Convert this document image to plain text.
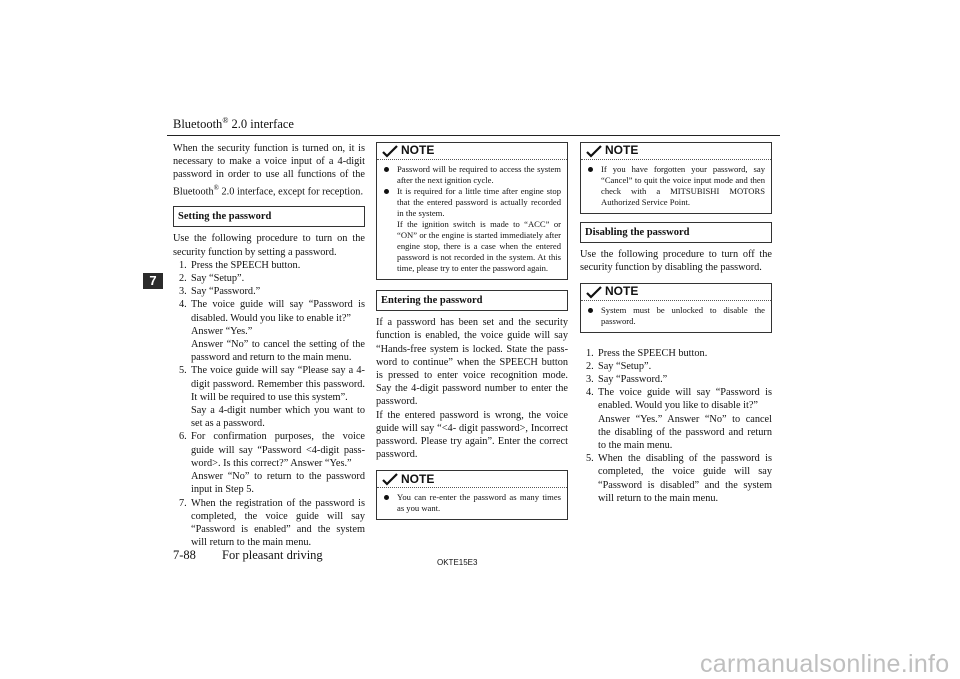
Bluetooth® 2.0 interface
7

When the security function is turned on, it is necessary to make a voice input of a 4-digit password in order to use all functions of the Bluetooth® 2.0 interface, except for reception.

Setting the password

Use the following procedure to turn on the security function by setting a password.

1. Press the SPEECH button.
2. Say “Setup”.
3. Say “Password.”
4. The voice guide will say “Password is disabled. Would you like to enable it?”
Answer “Yes.”
Answer “No” to cancel the setting of the password and return to the main menu.
5. The voice guide will say “Please say a 4-digit password. Remember this password. It will be required to use this system”.
Say a 4-digit number which you want to set as a password.
6. For confirmation purposes, the voice guide will say “Password <4-digit password>. Is this correct?” Answer “Yes.”
Answer “No” to return to the password input in Step 5.
7. When the registration of the password is completed, the voice guide will say “Password is enabled” and the system will return to the main menu.
NOTE
Password will be required to access the system after the next ignition cycle.
It is required for a little time after engine stop that the entered password is actually recorded in the system.
If the ignition switch is made to “ACC” or “ON” or the engine is started immediately after engine stop, there is a case when the entered password is not recorded in the system. At this time, please try to enter the password again.
Entering the password

If a password has been set and the security function is enabled, the voice guide will say “Hands-free system is locked. State the password to continue” when the SPEECH button is pressed to enter voice recognition mode. Say the 4-digit password number to enter the password.

If the entered password is wrong, the voice guide will say “<4- digit password>, Incorrect password. Please try again”. Enter the correct password.

NOTE
You can re-enter the password as many times as you want.
NOTE
If you have forgotten your password, say “Cancel” to quit the voice input mode and then check with a MITSUBISHI MOTORS Authorized Service Point.
Disabling the password

Use the following procedure to turn off the security function by disabling the password.

NOTE
System must be unlocked to disable the password.
1. Press the SPEECH button.
2. Say “Setup”.
3. Say “Password.”
4. The voice guide will say “Password is enabled. Would you like to disable it?”
Answer “Yes.” Answer “No” to cancel the disabling of the password and return to the main menu.
5. When the disabling of the password is completed, the voice guide will say “Password is disabled” and the system will return to the main menu.
7-88 For pleasant driving
OKTE15E3
carmanualsonline.info
